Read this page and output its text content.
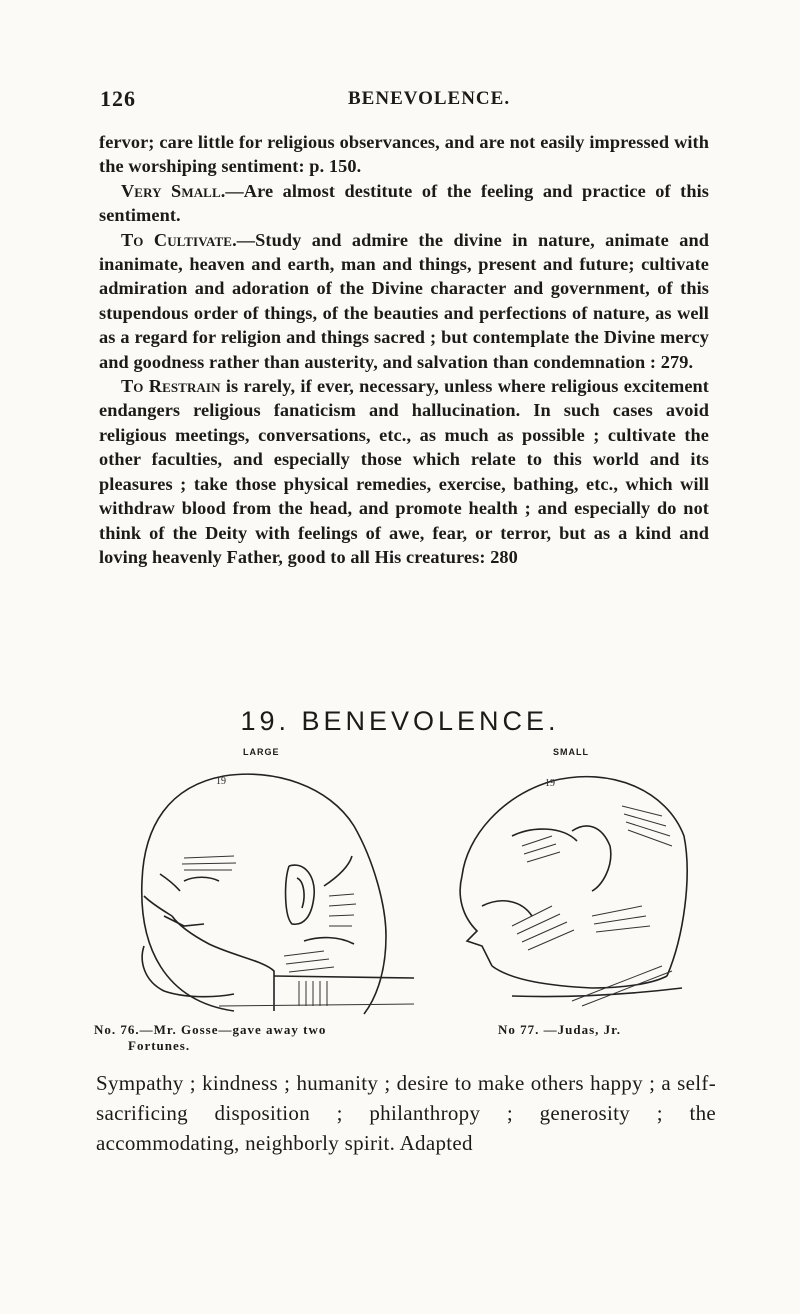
126	BENEVOLENCE.

fervor; care little for religious observances, and are not easily impressed with the worshiping sentiment: p. 150.

Very Small.—Are almost destitute of the feeling and practice of this sentiment.

To Cultivate.—Study and admire the divine in nature, animate and inanimate, heaven and earth, man and things, present and future; cultivate admiration and adoration of the Divine character and government, of this stupendous order of things, of the beauties and perfections of nature, as well as a regard for religion and things sacred ; but contemplate the Divine mercy and goodness rather than austerity, and salvation than condemnation : 279.

To Restrain is rarely, if ever, necessary, unless where religious excitement endangers religious fanaticism and hallucination. In such cases avoid religious meetings, conversations, etc., as much as possible ; cultivate the other faculties, and especially those which relate to this world and its pleasures ; take those physical remedies, exercise, bathing, etc., which will withdraw blood from the head, and promote health ; and especially do not think of the Deity with feelings of awe, fear, or terror, but as a kind and loving heavenly Father, good to all His creatures: 280

19. BENEVOLENCE.
LARGE	SMALL
19	19
No. 76.—Mr. Gosse—gave away two
Fortunes.
No 77. —Judas, Jr.
Sympathy ; kindness ; humanity ; desire to make others happy ; a self-sacrificing disposition ; philanthropy ; generosity ; the accommodating, neighborly spirit. Adapted
